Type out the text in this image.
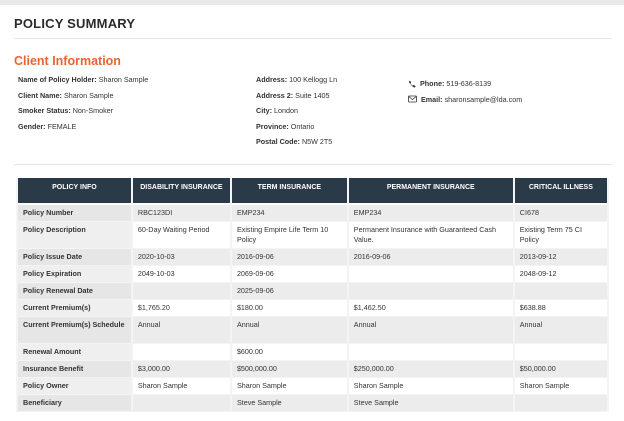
POLICY SUMMARY
Client Information
Name of Policy Holder: Sharon Sample
Client Name: Sharon Sample
Smoker Status: Non-Smoker
Gender: FEMALE
Address: 100 Kellogg Ln
Address 2: Suite 1405
City: London
Province: Ontario
Postal Code: N5W 2T5
Phone: 519-636-8139
Email: sharonsample@lda.com
POLICY INFO	DISABILITY INSURANCE	TERM INSURANCE	PERMANENT INSURANCE	CRITICAL ILLNESS
Policy Number	RBC123DI	EMP234	EMP234	CI678
Policy Description	60-Day Waiting Period	Existing Empire Life Term 10 Policy	Permanent Insurance with Guaranteed Cash Value.	Existing Term 75 CI Policy
Policy Issue Date	2020-10-03	2016-09-06	2016-09-06	2013-09-12
Policy Expiration	2049-10-03	2069-09-06		2048-09-12
Policy Renewal Date		2025-09-06		
Current Premium(s)	$1,765.20	$180.00	$1,462.50	$638.88
Current Premium(s) Schedule	Annual	Annual	Annual	Annual
Renewal Amount		$600.00		
Insurance Benefit	$3,000.00	$500,000.00	$250,000.00	$50,000.00
Policy Owner	Sharon Sample	Sharon Sample	Sharon Sample	Sharon Sample
Beneficiary		Steve Sample	Steve Sample	
